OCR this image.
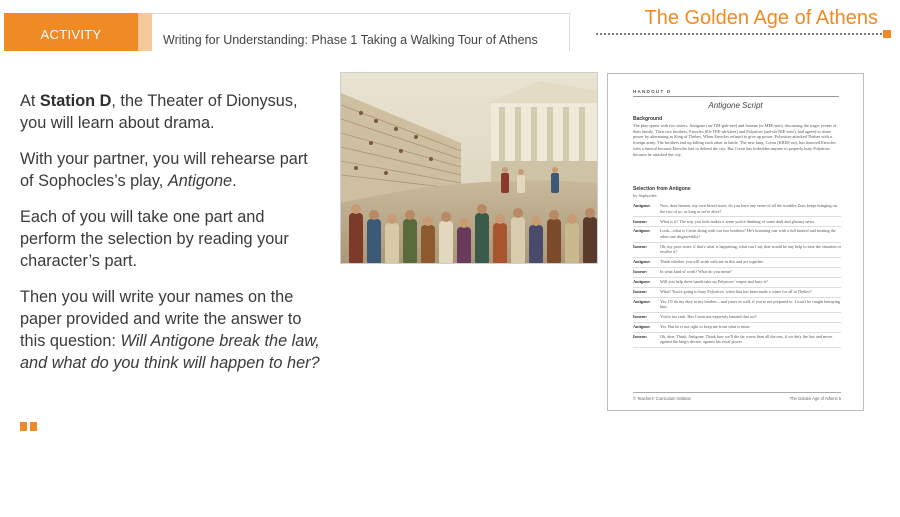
ACTIVITY	Writing for Understanding: Phase 1 Taking a Walking Tour of Athens
The Golden Age of Athens

At Station D, the Theater of Dionysus, you will learn about drama.

With your partner, you will rehearse part of Sophocles’s play, Antigone.

Each of you will take one part and perform the selection by reading your character’s part.

Then you will write your names on the paper provided and write the answer to this question: Will Antigone break the law, and what do you think will happen to her?

HANDOUT D
Antigone Script
Background
The play opens with two sisters, Antigone (an-TIH-guh-nee) and Ismene (is-MEE-nee), discussing the tragic events of their family. Their two brothers, Eteocles (Eh-TEE-uh-kleez) and Polynices (pol-uh-NIE-seez), had agreed to share power by alternating as King of Thebes. When Eteocles refused to give up power, Polynices attacked Thebes with a foreign army. The brothers end up killing each other in battle. The new king, Creon (KREE-on), has honored Eteocles with a funeral because Eteocles had to defend the city. But Creon has forbidden anyone to properly bury Polynices because he attacked the city.
Selection from Antigone
by Sophocles
Antigone:	Now, dear Ismene, my own blood sister, do you have any sense of all the troubles Zeus keeps bringing on the two of us, as long as we're alive?
Ismene:	What is it? The way you look makes it seem you're thinking of some dark and gloomy news.
Antigone:	Look—what is Creon doing with our two brothers? He's honoring one with a full funeral and treating the other one disgracefully!
Ismene:	Oh, my poor sister, if that's what is happening, what can I say that would be any help to ease the situation or resolve it?
Antigone:	Think whether you will work with me in this and act together.
Ismene:	In what kind of work? What do you mean?
Antigone:	Will you help these hands take up Polynices' corpse and bury it?
Ismene:	What? You're going to bury Polynices, when that has been made a crime for all in Thebes?
Antigone:	Yes. I'll do my duty to my brother—and yours as well, if you're not prepared to. I won't be caught betraying him.
Ismene:	You're too rash. Has Creon not expressly banned that act?
Antigone:	Yes. But he is not right to keep me from what is mine.
Ismene:	Oh, dear. Think, Antigone. Think how we'll die far worse than all the rest, if we defy the law and move against the king's decree, against his royal power.
© Teachers' Curriculum Institute	The Golden Age of Athens 5
